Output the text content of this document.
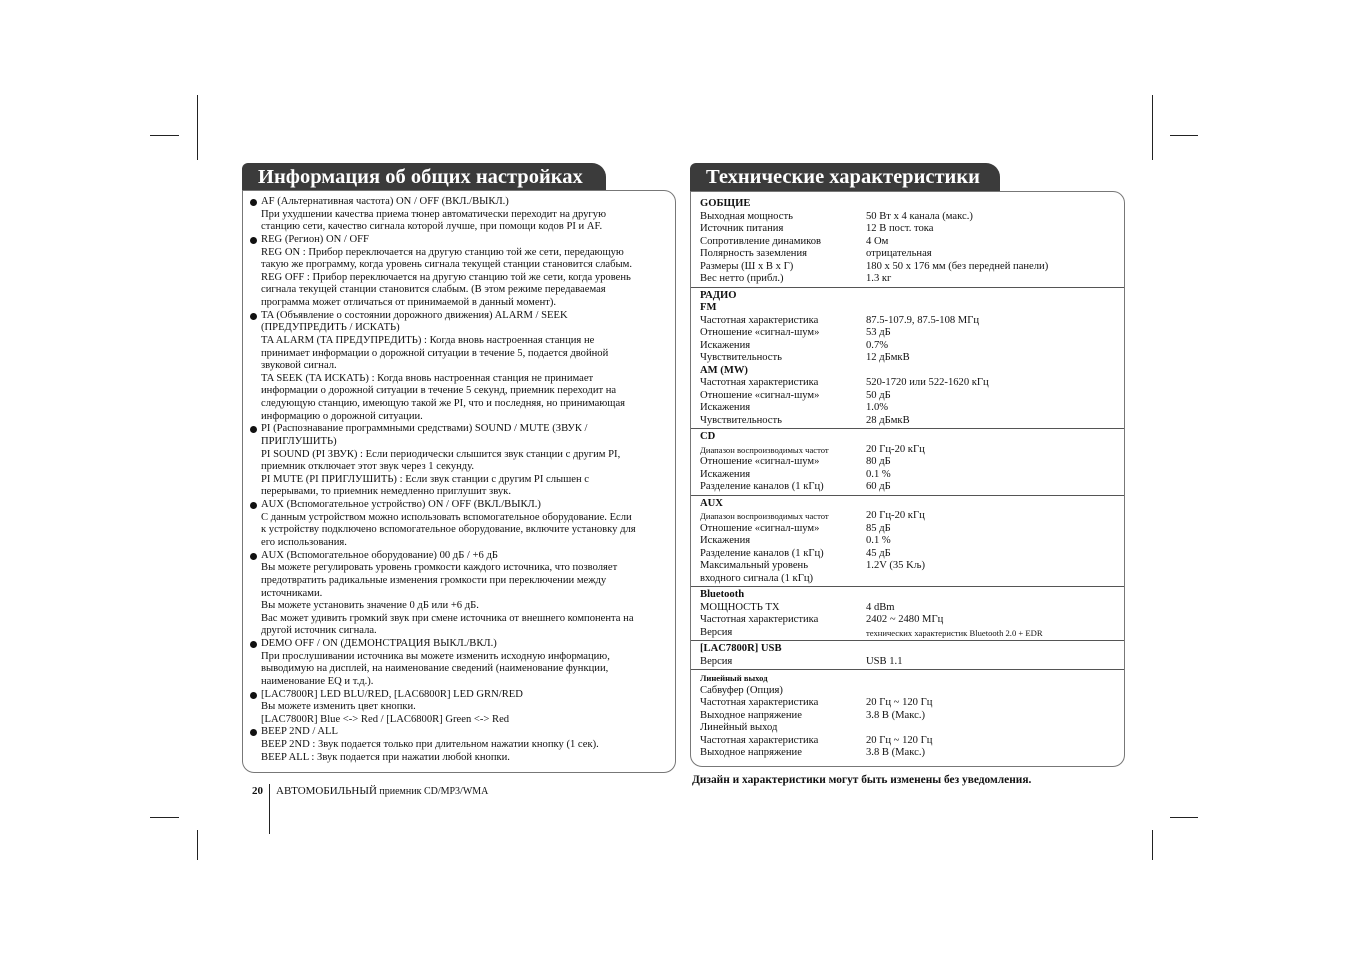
Информация об общих настройках
AF (Альтернативная частота) ON / OFF (ВКЛ./ВЫКЛ.)
При ухудшении качества приема тюнер автоматически переходит на другую
станцию сети, качество сигнала которой лучше, при помощи кодов PI и AF.
REG (Регион) ON / OFF
REG ON : Прибор переключается на другую станцию той же сети, передающую
такую же программу, когда уровень сигнала текущей станции становится слабым.
REG OFF : Прибор переключается на другую станцию той же сети, когда уровень
сигнала текущей станции становится слабым. (В этом режиме передаваемая
программа может отличаться от принимаемой в данный момент).
TA (Объявление о состоянии дорожного движения) ALARM / SEEK
(ПРЕДУПРЕДИТЬ / ИСКАТЬ)
TA ALARM (TA ПРЕДУПРЕДИТЬ) : Когда вновь настроенная станция не
принимает информации о дорожной ситуации в течение 5, подается двойной
звуковой сигнал.
TA SEEK (TA ИСКАТЬ) : Когда вновь настроенная станция не принимает
информации о дорожной ситуации в течение 5 секунд, приемник переходит на
следующую станцию, имеющую такой же PI, что и последняя, но принимающая
информацию о дорожной ситуации.
PI (Распознавание программными средствами) SOUND / MUTE (ЗВУК /
ПРИГЛУШИТЬ)
PI SOUND (PI ЗВУК) : Если периодически слышится звук станции с другим PI,
приемник отключает этот звук через 1 секунду.
PI MUTE (PI ПРИГЛУШИТЬ) : Если звук станции с другим PI слышен с
перерывами, то приемник немедленно приглушит звук.
AUX (Вспомогательное устройство) ON / OFF (ВКЛ./ВЫКЛ.)
С данным устройством можно использовать вспомогательное оборудование. Если
к устройству подключено вспомогательное оборудование, включите установку для
его использования.
AUX (Вспомогательное оборудование) 00 дБ / +6 дБ
Вы можете регулировать уровень громкости каждого источника, что позволяет
предотвратить радикальные изменения громкости при переключении между
источниками.
Вы можете установить значение 0 дБ или +6 дБ.
Вас может удивить громкий звук при смене источника от внешнего компонента на
другой источник сигнала.
DEMO OFF / ON (ДЕМОНСТРАЦИЯ ВЫКЛ./ВКЛ.)
При прослушивании источника вы можете изменить исходную информацию,
выводимую на дисплей, на наименование сведений (наименование функции,
наименование EQ и т.д.).
[LAC7800R] LED BLU/RED, [LAC6800R] LED GRN/RED
Вы можете изменить цвет кнопки.
[LAC7800R] Blue <-> Red / [LAC6800R] Green <-> Red
BEEP 2ND / ALL
BEEP 2ND : Звук подается только при длительном нажатии кнопку (1 сек).
BEEP ALL : Звук подается при нажатии любой кнопки.
Технические характеристики
GОБЩИЕ
Выходная мощность	50 Вт x 4 канала (макс.)
Источник питания	12 В пост. тока
Сопротивление динамиков	4 Ом
Полярность заземления	отрицательная
Размеры (Ш x В x Г)	180 x 50 x 176 мм (без передней панели)
Вес нетто (прибл.)	1.3 кг
РАДИО
FM
Частотная характеристика	87.5-107.9, 87.5-108 МГц
Отношение «сигнал-шум»	53 дБ
Искажения	0.7%
Чувствительность	12 дБмкВ
AM (MW)
Частотная характеристика	520-1720 или 522-1620 кГц
Отношение «сигнал-шум»	50 дБ
Искажения	1.0%
Чувствительность	28 дБмкВ
CD
Диапазон воспроизводимых частот	20 Гц-20 кГц
Отношение «сигнал-шум»	80 дБ
Искажения	0.1 %
Разделение каналов (1 кГц)	60 дБ
AUX
Диапазон воспроизводимых частот	20 Гц-20 кГц
Отношение «сигнал-шум»	85 дБ
Искажения	0.1 %
Разделение каналов (1 кГц)	45 дБ
Максимальный уровень	1.2V (35 Kљ)
входного сигнала (1 кГц)
Bluetooth
МОЩНОСТЬ TX	4 dBm
Частотная характеристика	2402 ~ 2480 МГц
Версия	технических характеристик Bluetooth 2.0 + EDR
[LAC7800R] USB
Версия	USB 1.1
Линейный выход
Сабвуфер (Опция)
Частотная характеристика	20 Гц ~ 120 Гц
Выходное напряжение	3.8 В (Макс.)
Линейный выход
Частотная характеристика	20 Гц ~ 120 Гц
Выходное напряжение	3.8 В (Макс.)
Дизайн и характеристики могут быть изменены без уведомления.
20 АВТОМОБИЛЬНЫЙ приемник CD/MP3/WMA
